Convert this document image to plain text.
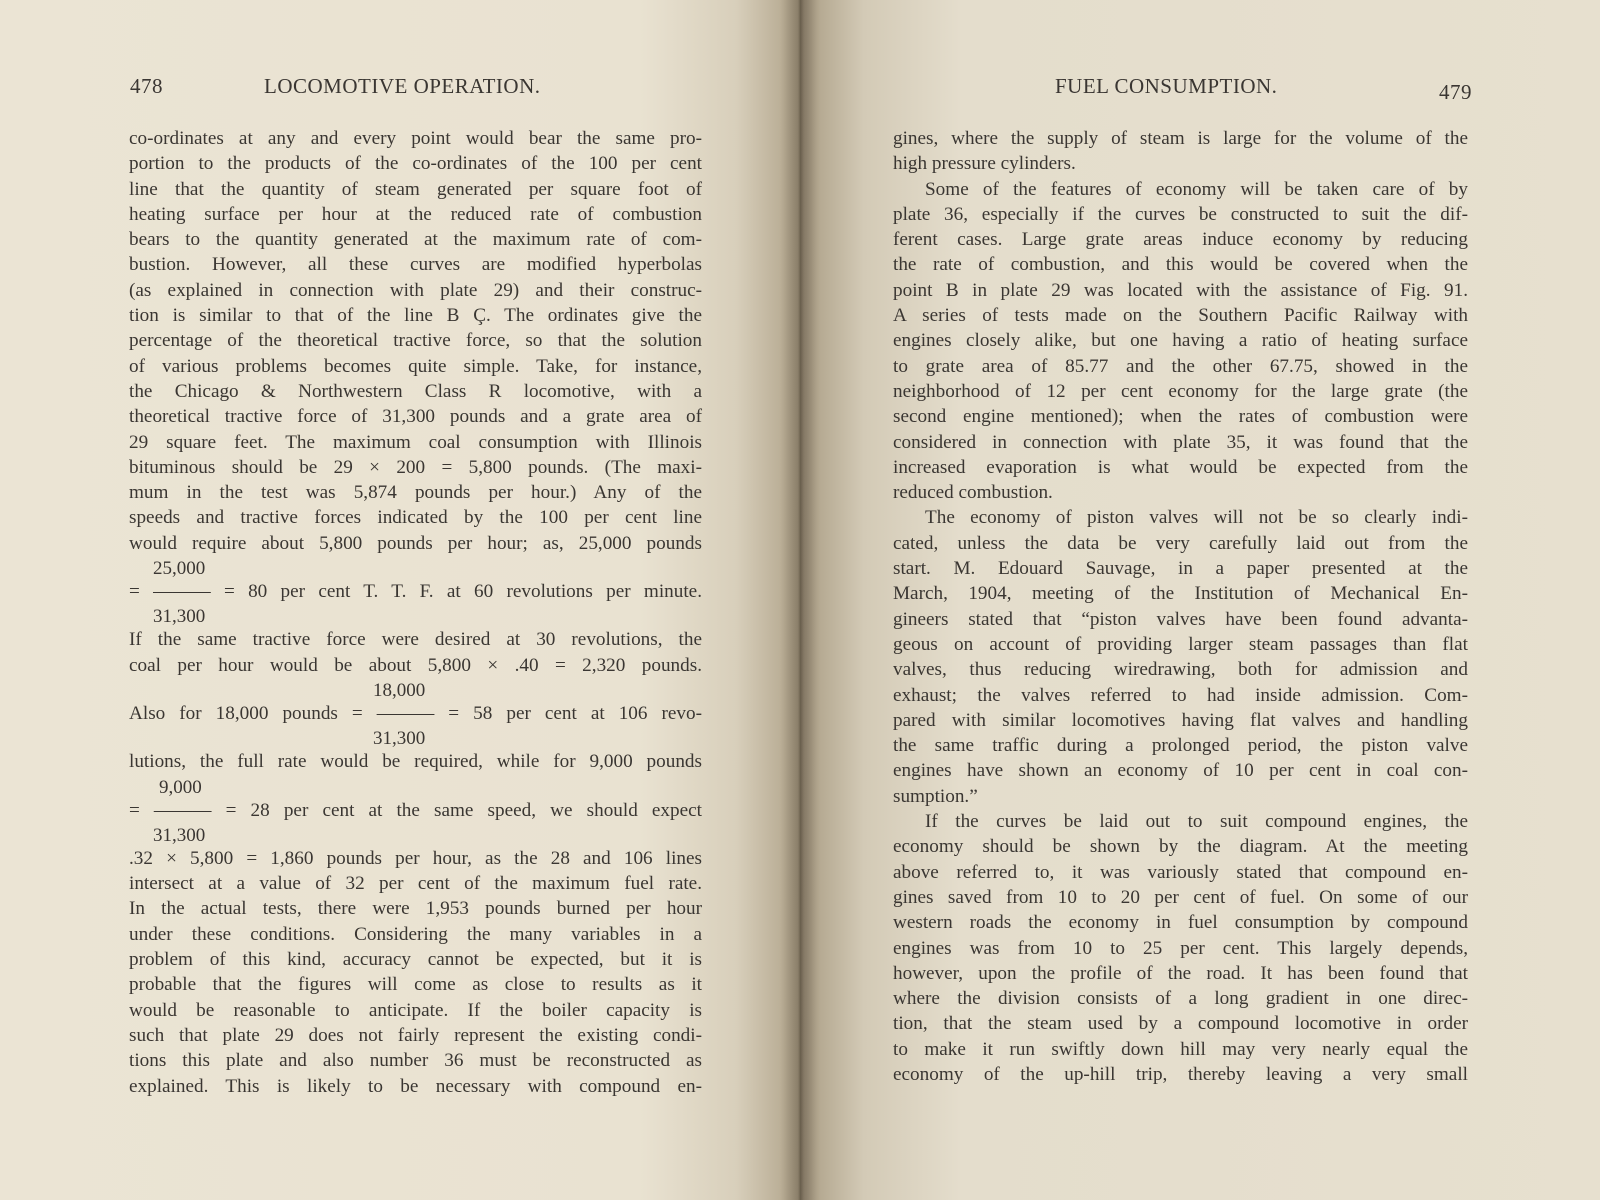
478	LOCOMOTIVE OPERATION.	FUEL CONSUMPTION.	479

co-ordinates at any and every point would bear the same pro-

portion to the products of the co-ordinates of the 100 per cent

line that the quantity of steam generated per square foot of

heating surface per hour at the reduced rate of combustion

bears to the quantity generated at the maximum rate of com-

bustion. However, all these curves are modified hyperbolas

(as explained in connection with plate 29) and their construc-

tion is similar to that of the line B Ç. The ordinates give the

percentage of the theoretical tractive force, so that the solution

of various problems becomes quite simple. Take, for instance,

the Chicago & Northwestern Class R locomotive, with a

theoretical tractive force of 31,300 pounds and a grate area of

29 square feet. The maximum coal consumption with Illinois

bituminous should be 29 × 200 = 5,800 pounds. (The maxi-

mum in the test was 5,874 pounds per hour.) Any of the

speeds and tractive forces indicated by the 100 per cent line

would require about 5,800 pounds per hour; as, 25,000 pounds

25,000

= ——— = 80 per cent T. T. F. at 60 revolutions per minute.

31,300

If the same tractive force were desired at 30 revolutions, the

coal per hour would be about 5,800 × .40 = 2,320 pounds.

18,000

Also for 18,000 pounds = ——— = 58 per cent at 106 revo-

31,300

lutions, the full rate would be required, while for 9,000 pounds

9,000

= ——— = 28 per cent at the same speed, we should expect

31,300

.32 × 5,800 = 1,860 pounds per hour, as the 28 and 106 lines

intersect at a value of 32 per cent of the maximum fuel rate.

In the actual tests, there were 1,953 pounds burned per hour

under these conditions. Considering the many variables in a

problem of this kind, accuracy cannot be expected, but it is

probable that the figures will come as close to results as it

would be reasonable to anticipate. If the boiler capacity is

such that plate 29 does not fairly represent the existing condi-

tions this plate and also number 36 must be reconstructed as

explained. This is likely to be necessary with compound en-

gines, where the supply of steam is large for the volume of the

high pressure cylinders.

Some of the features of economy will be taken care of by

plate 36, especially if the curves be constructed to suit the dif-

ferent cases. Large grate areas induce economy by reducing

the rate of combustion, and this would be covered when the

point B in plate 29 was located with the assistance of Fig. 91.

A series of tests made on the Southern Pacific Railway with

engines closely alike, but one having a ratio of heating surface

to grate area of 85.77 and the other 67.75, showed in the

neighborhood of 12 per cent economy for the large grate (the

second engine mentioned); when the rates of combustion were

considered in connection with plate 35, it was found that the

increased evaporation is what would be expected from the

reduced combustion.

The economy of piston valves will not be so clearly indi-

cated, unless the data be very carefully laid out from the

start. M. Edouard Sauvage, in a paper presented at the

March, 1904, meeting of the Institution of Mechanical En-

gineers stated that “piston valves have been found advanta-

geous on account of providing larger steam passages than flat

valves, thus reducing wiredrawing, both for admission and

exhaust; the valves referred to had inside admission. Com-

pared with similar locomotives having flat valves and handling

the same traffic during a prolonged period, the piston valve

engines have shown an economy of 10 per cent in coal con-

sumption.”

If the curves be laid out to suit compound engines, the

economy should be shown by the diagram. At the meeting

above referred to, it was variously stated that compound en-

gines saved from 10 to 20 per cent of fuel. On some of our

western roads the economy in fuel consumption by compound

engines was from 10 to 25 per cent. This largely depends,

however, upon the profile of the road. It has been found that

where the division consists of a long gradient in one direc-

tion, that the steam used by a compound locomotive in order

to make it run swiftly down hill may very nearly equal the

economy of the up-hill trip, thereby leaving a very small
